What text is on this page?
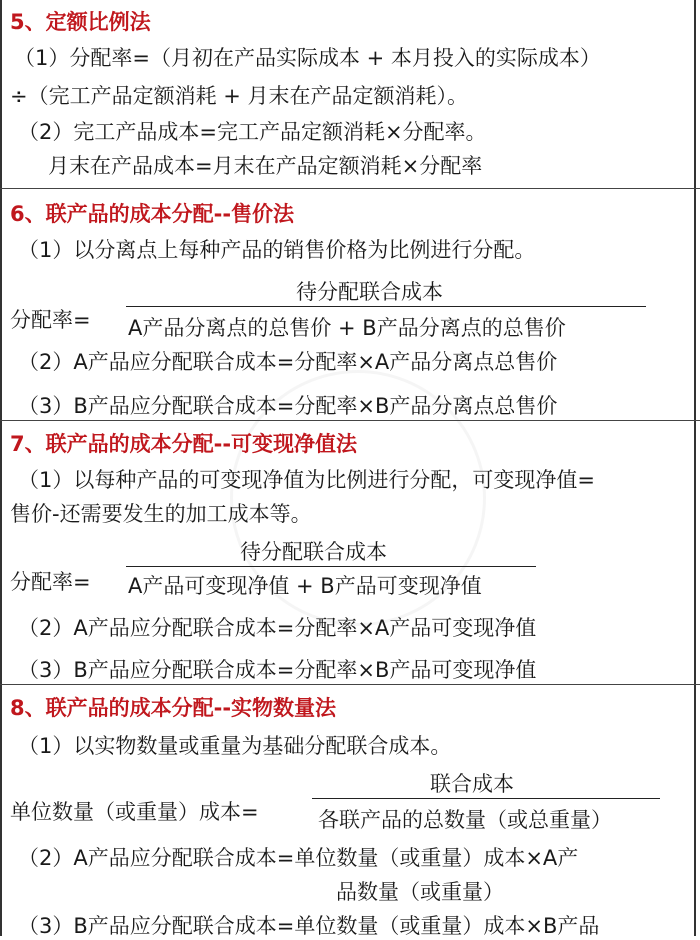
5、定额比例法
（1）分配率=（月初在产品实际成本 + 本月投入的实际成本）
÷（完工产品定额消耗 + 月末在产品定额消耗）。
（2）完工产品成本=完工产品定额消耗×分配率。
月末在产品成本=月末在产品定额消耗×分配率
6、联产品的成本分配--售价法
（1）以分离点上每种产品的销售价格为比例进行分配。
待分配联合成本
分配率= A产品分离点的总售价 + B产品分离点的总售价
（2）A产品应分配联合成本=分配率×A产品分离点总售价
（3）B产品应分配联合成本=分配率×B产品分离点总售价
7、联产品的成本分配--可变现净值法
（1）以每种产品的可变现净值为比例进行分配，可变现净值=
售价-还需要发生的加工成本等。
待分配联合成本
分配率= A产品可变现净值 + B产品可变现净值
（2）A产品应分配联合成本=分配率×A产品可变现净值
（3）B产品应分配联合成本=分配率×B产品可变现净值
8、联产品的成本分配--实物数量法
（1）以实物数量或重量为基础分配联合成本。
联合成本
单位数量（或重量）成本=	各联产品的总数量（或总重量）
（2）A产品应分配联合成本=单位数量（或重量）成本×A产
品数量（或重量）
（3）B产品应分配联合成本=单位数量（或重量）成本×B产品
